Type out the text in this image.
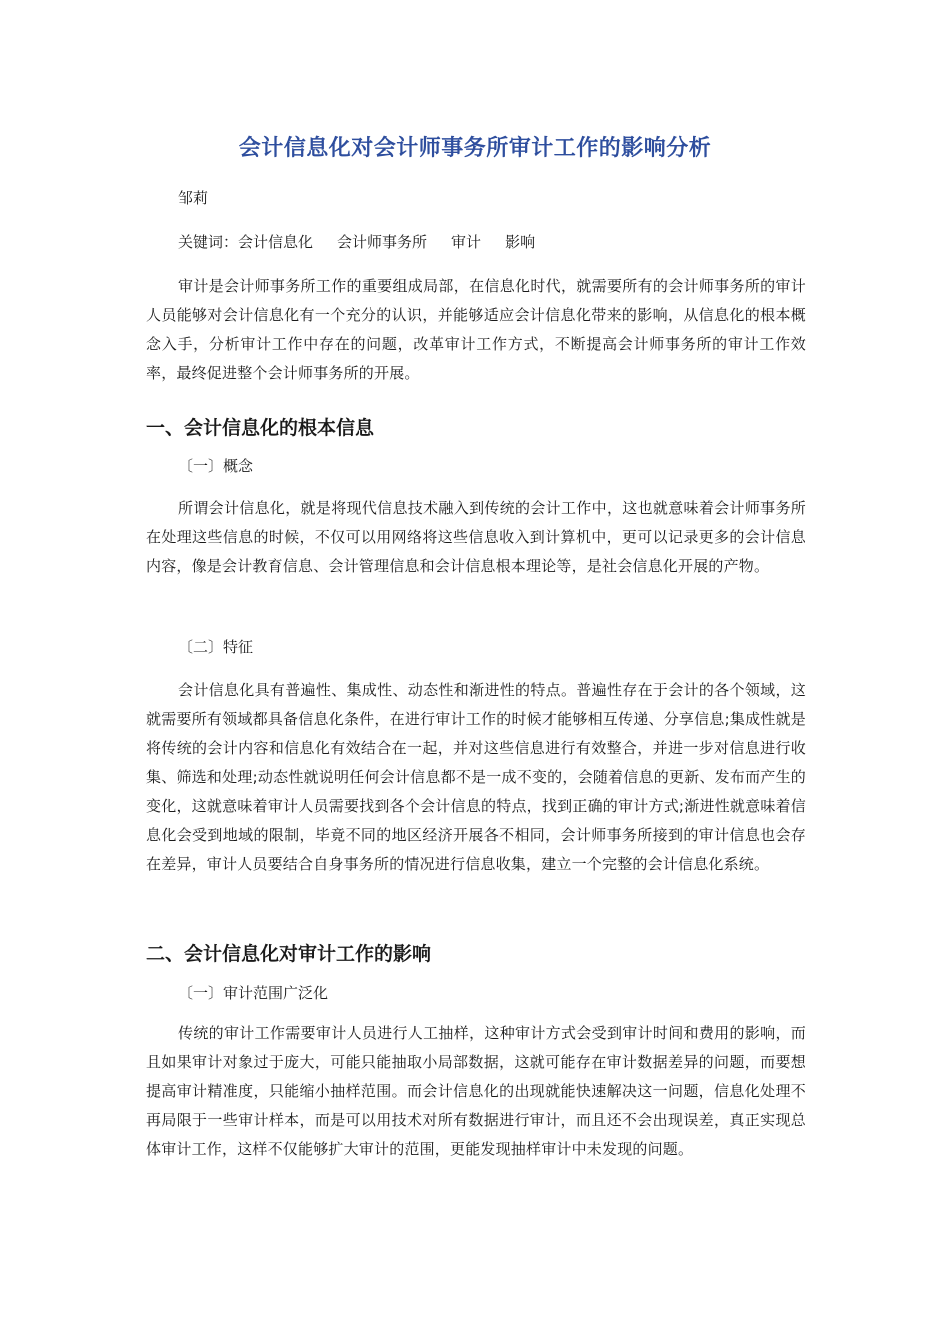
会计信息化对会计师事务所审计工作的影响分析
邹莉
关键词：会计信息化 会计师事务所 审计 影响
审计是会计师事务所工作的重要组成局部，在信息化时代，就需要所有的会计师事务所的审计人员能够对会计信息化有一个充分的认识，并能够适应会计信息化带来的影响，从信息化的根本概念入手，分析审计工作中存在的问题，改革审计工作方式，不断提高会计师事务所的审计工作效率，最终促进整个会计师事务所的开展。
一、会计信息化的根本信息
〔一〕概念
所谓会计信息化，就是将现代信息技术融入到传统的会计工作中，这也就意味着会计师事务所在处理这些信息的时候，不仅可以用网络将这些信息收入到计算机中，更可以记录更多的会计信息内容，像是会计教育信息、会计管理信息和会计信息根本理论等，是社会信息化开展的产物。
〔二〕特征
会计信息化具有普遍性、集成性、动态性和渐进性的特点。普遍性存在于会计的各个领域，这就需要所有领域都具备信息化条件，在进行审计工作的时候才能够相互传递、分享信息;集成性就是将传统的会计内容和信息化有效结合在一起，并对这些信息进行有效整合，并进一步对信息进行收集、筛选和处理;动态性就说明任何会计信息都不是一成不变的，会随着信息的更新、发布而产生的变化，这就意味着审计人员需要找到各个会计信息的特点，找到正确的审计方式;渐进性就意味着信息化会受到地域的限制，毕竟不同的地区经济开展各不相同，会计师事务所接到的审计信息也会存在差异，审计人员要结合自身事务所的情况进行信息收集，建立一个完整的会计信息化系统。
二、会计信息化对审计工作的影响
〔一〕审计范围广泛化
传统的审计工作需要审计人员进行人工抽样，这种审计方式会受到审计时间和费用的影响，而且如果审计对象过于庞大，可能只能抽取小局部数据，这就可能存在审计数据差异的问题，而要想提高审计精准度，只能缩小抽样范围。而会计信息化的出现就能快速解决这一问题，信息化处理不再局限于一些审计样本，而是可以用技术对所有数据进行审计，而且还不会出现误差，真正实现总体审计工作，这样不仅能够扩大审计的范围，更能发现抽样审计中未发现的问题。
